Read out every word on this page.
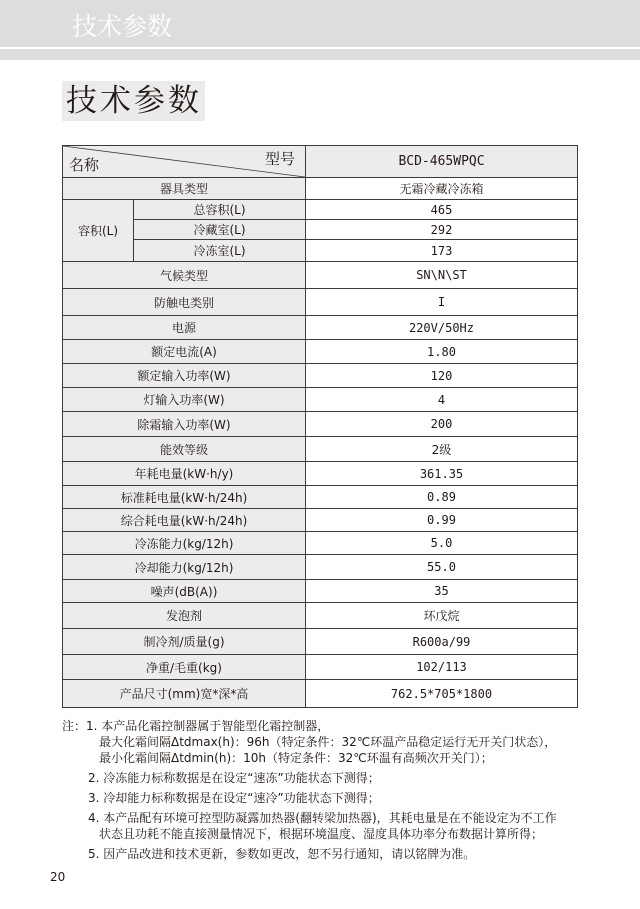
技术参数
技术参数
名称 型号		BCD-465WPQC
器具类型		无霜冷藏冷冻箱
容积(L)	总容积(L)	465
	冷藏室(L)	292
	冷冻室(L)	173
气候类型		SN\N\ST
防触电类别		I
电源		220V/50Hz
额定电流(A)		1.80
额定输入功率(W)		120
灯输入功率(W)		4
除霜输入功率(W)		200
能效等级		2级
年耗电量(kW·h/y)		361.35
标准耗电量(kW·h/24h)		0.89
综合耗电量(kW·h/24h)		0.99
冷冻能力(kg/12h)		5.0
冷却能力(kg/12h)		55.0
噪声(dB(A))		35
发泡剂		环戊烷
制冷剂/质量(g)		R600a/99
净重/毛重(kg)		102/113
产品尺寸(mm)宽*深*高		762.5*705*1800
注：1. 本产品化霜控制器属于智能型化霜控制器，
最大化霜间隔Δtdmax(h)：96h（特定条件：32℃环温产品稳定运行无开关门状态），
最小化霜间隔Δtdmin(h)：10h（特定条件：32℃环温有高频次开关门）；
2. 冷冻能力标称数据是在设定“速冻”功能状态下测得；
3. 冷却能力标称数据是在设定“速冷”功能状态下测得；
4. 本产品配有环境可控型防凝露加热器(翻转梁加热器)，其耗电量是在不能设定为不工作
状态且功耗不能直接测量情况下，根据环境温度、湿度具体功率分布数据计算所得；
5. 因产品改进和技术更新，参数如更改，恕不另行通知，请以铭牌为准。
20
